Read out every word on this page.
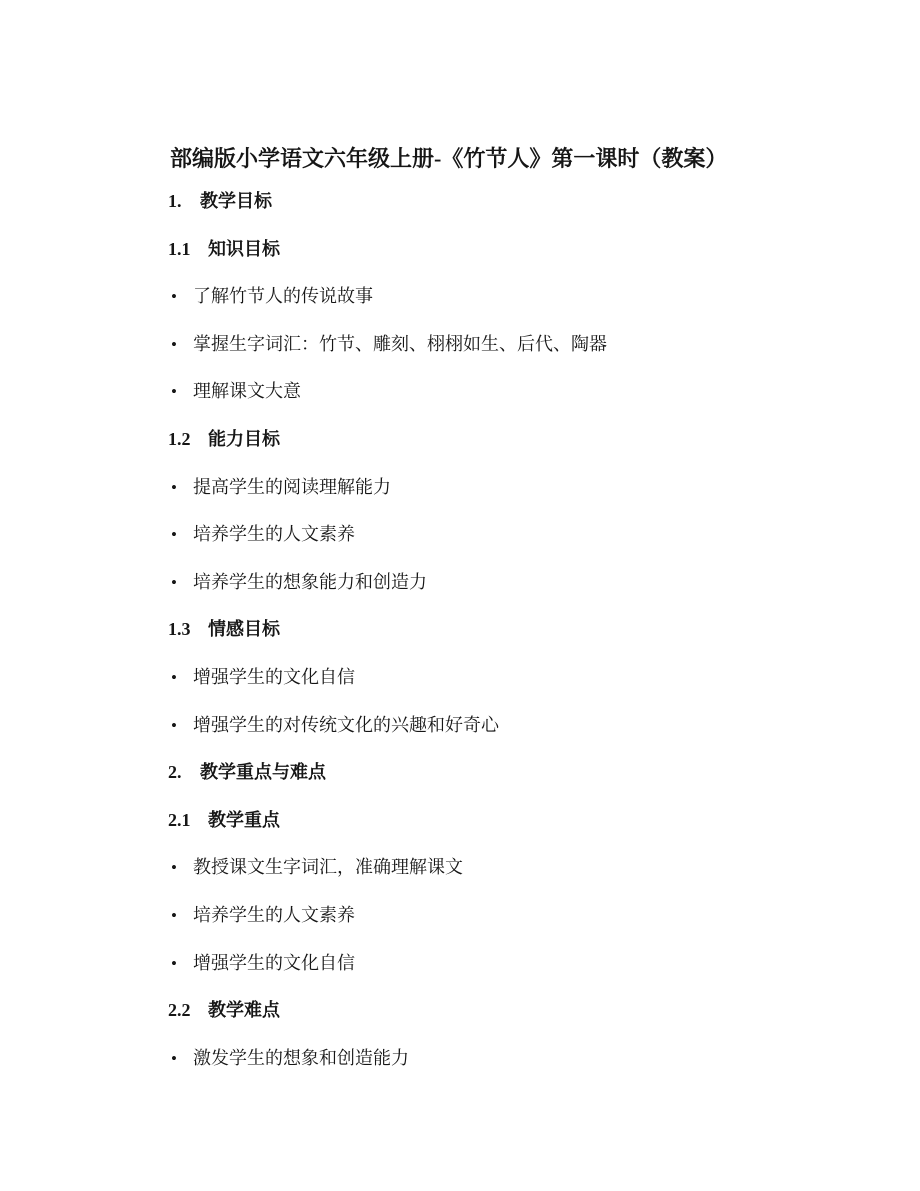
部编版小学语文六年级上册-《竹节人》第一课时（教案）
1.	教学目标
1.1 知识目标
• 了解竹节人的传说故事
• 掌握生字词汇：竹节、雕刻、栩栩如生、后代、陶器
• 理解课文大意
1.2 能力目标
• 提高学生的阅读理解能力
• 培养学生的人文素养
• 培养学生的想象能力和创造力
1.3 情感目标
• 增强学生的文化自信
• 增强学生的对传统文化的兴趣和好奇心
2.	教学重点与难点
2.1 教学重点
• 教授课文生字词汇，准确理解课文
• 培养学生的人文素养
• 增强学生的文化自信
2.2 教学难点
• 激发学生的想象和创造能力
